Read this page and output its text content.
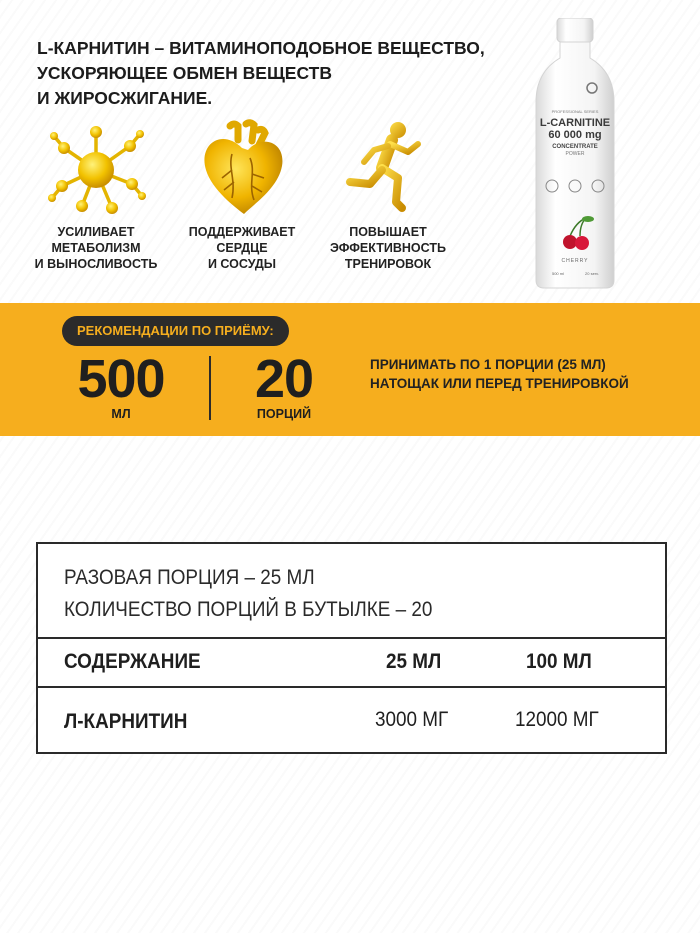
L-КАРНИТИН – ВИТАМИНОПОДОБНОЕ ВЕЩЕСТВО,
УСКОРЯЮЩЕЕ ОБМЕН ВЕЩЕСТВ
И ЖИРОСЖИГАНИЕ.
УСИЛИВАЕТ
МЕТАБОЛИЗМ
И ВЫНОСЛИВОСТЬ
ПОДДЕРЖИВАЕТ
СЕРДЦЕ
И СОСУДЫ
ПОВЫШАЕТ
ЭФФЕКТИВНОСТЬ
ТРЕНИРОВОК
PROFESSIONAL SERIES
L-CARNITINE
60 000 mg
CONCENTRATE
POWER
CHERRY
500 ml	20 serv.
РЕКОМЕНДАЦИИ ПО ПРИЁМУ:
500
МЛ
20
ПОРЦИЙ
ПРИНИМАТЬ ПО 1 ПОРЦИИ (25 МЛ)
НАТОЩАК ИЛИ ПЕРЕД ТРЕНИРОВКОЙ
РАЗОВАЯ ПОРЦИЯ – 25 МЛ
КОЛИЧЕСТВО ПОРЦИЙ В БУТЫЛКЕ – 20
СОДЕРЖАНИЕ	25 МЛ	100 МЛ
Л-КАРНИТИН	3000 МГ	12000 МГ
